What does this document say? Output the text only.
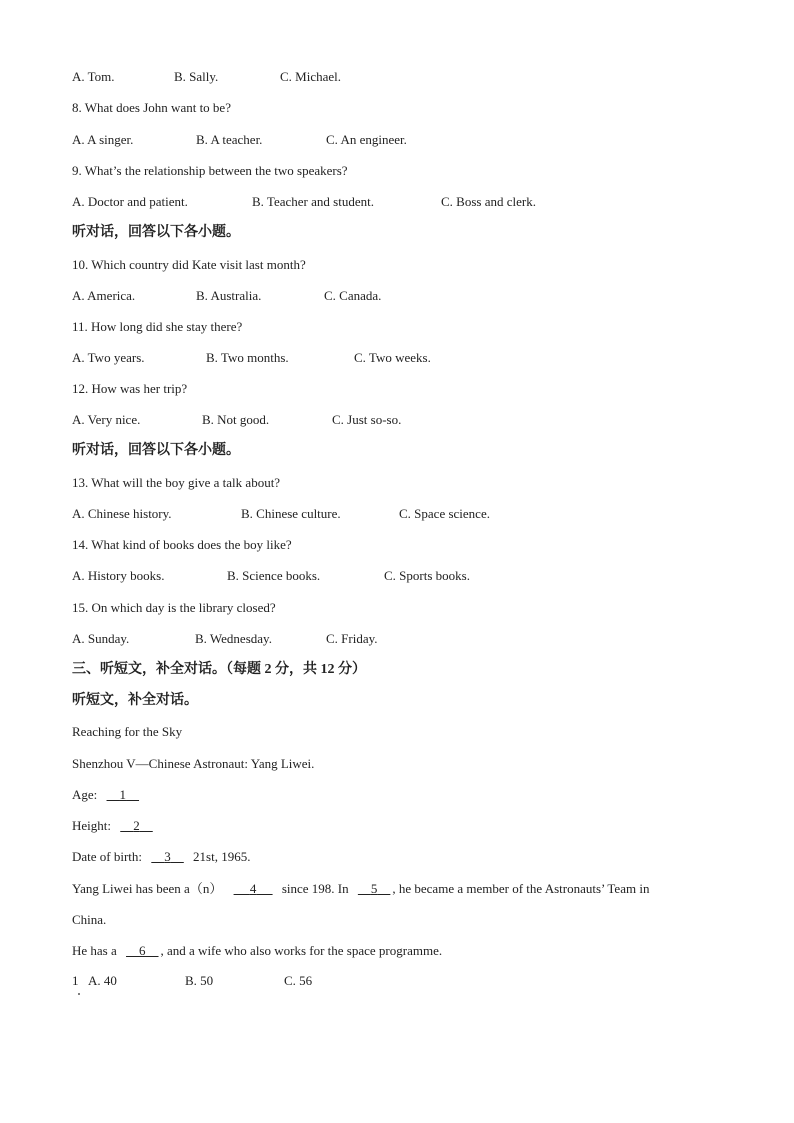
A. Tom.	B. Sally.	C. Michael.
8. What does John want to be?
A. A singer.	B. A teacher.	C. An engineer.
9. What’s the relationship between the two speakers?
A. Doctor and patient.	B. Teacher and student.	C. Boss and clerk.
听对话，回答以下各小题。
10. Which country did Kate visit last month?
A. America.	B. Australia.	C. Canada.
11. How long did she stay there?
A. Two years.	B. Two months.	C. Two weeks.
12. How was her trip?
A. Very nice.	B. Not good.	C. Just so-so.
听对话，回答以下各小题。
13. What will the boy give a talk about?
A. Chinese history.	B. Chinese culture.	C. Space science.
14. What kind of books does the boy like?
A. History books.	B. Science books.	C. Sports books.
15. On which day is the library closed?
A. Sunday.	B. Wednesday.	C. Friday.
三、听短文，补全对话。（每题 2 分，共 12 分）
听短文，补全对话。
Reaching for the Sky
Shenzhou V—Chinese Astronaut: Yang Liwei.
Age: 1
Height: 2
Date of birth: 3 21st, 1965.
Yang Liwei has been a（n） 4 since 198. In 5 , he became a member of the Astronauts’ Team in
China.
He has a 6 , and a wife who also works for the space programme.
1 A. 40	B. 50	C. 56
